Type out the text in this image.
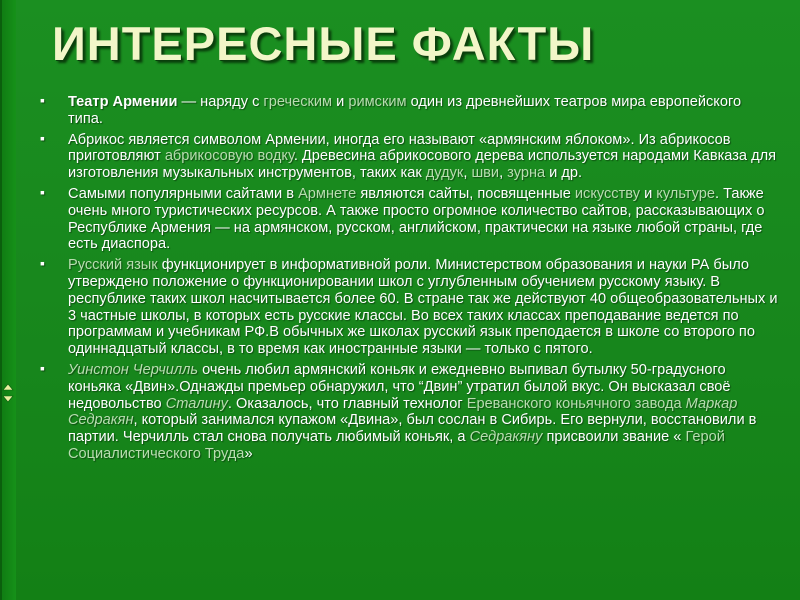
ИНТЕРЕСНЫЕ ФАКТЫ
▪ Театр Армении — наряду с греческим и римским один из древнейших театров мира европейского типа.
▪ Абрикос является символом Армении, иногда его называют «армянским яблоком». Из абрикосов приготовляют абрикосовую водку. Древесина абрикосового дерева используется народами Кавказа для изготовления музыкальных инструментов, таких как дудук, шви, зурна и др.
▪ Самыми популярными сайтами в Армнете являются сайты, посвященные искусству и культуре. Также очень много туристических ресурсов. А также просто огромное количество сайтов, рассказывающих о Республике Армения — на армянском, русском, английском, практически на языке любой страны, где есть диаспора.
▪ Русский язык функционирует в информативной роли. Министерством образования и науки РА было утверждено положение о функционировании школ с углубленным обучением русскому языку. В республике таких школ насчитывается более 60. В стране так же действуют 40 общеобразовательных и 3 частные школы, в которых есть русские классы. Во всех таких классах преподавание ведется по программам и учебникам РФ.В обычных же школах русский язык преподается в школе со второго по одиннадцатый классы, в то время как иностранные языки — только с пятого.
▪ Уинстон Черчилль очень любил армянский коньяк и ежедневно выпивал бутылку 50-градусного коньяка «Двин».Однажды премьер обнаружил, что “Двин” утратил былой вкус. Он высказал своё недовольство Сталину. Оказалось, что главный технолог Ереванского коньячного завода Маркар Седракян, который занимался купажом «Двина», был сослан в Сибирь. Его вернули, восстановили в партии. Черчилль стал снова получать любимый коньяк, а Седракяну присвоили звание « Герой Социалистического Труда»
